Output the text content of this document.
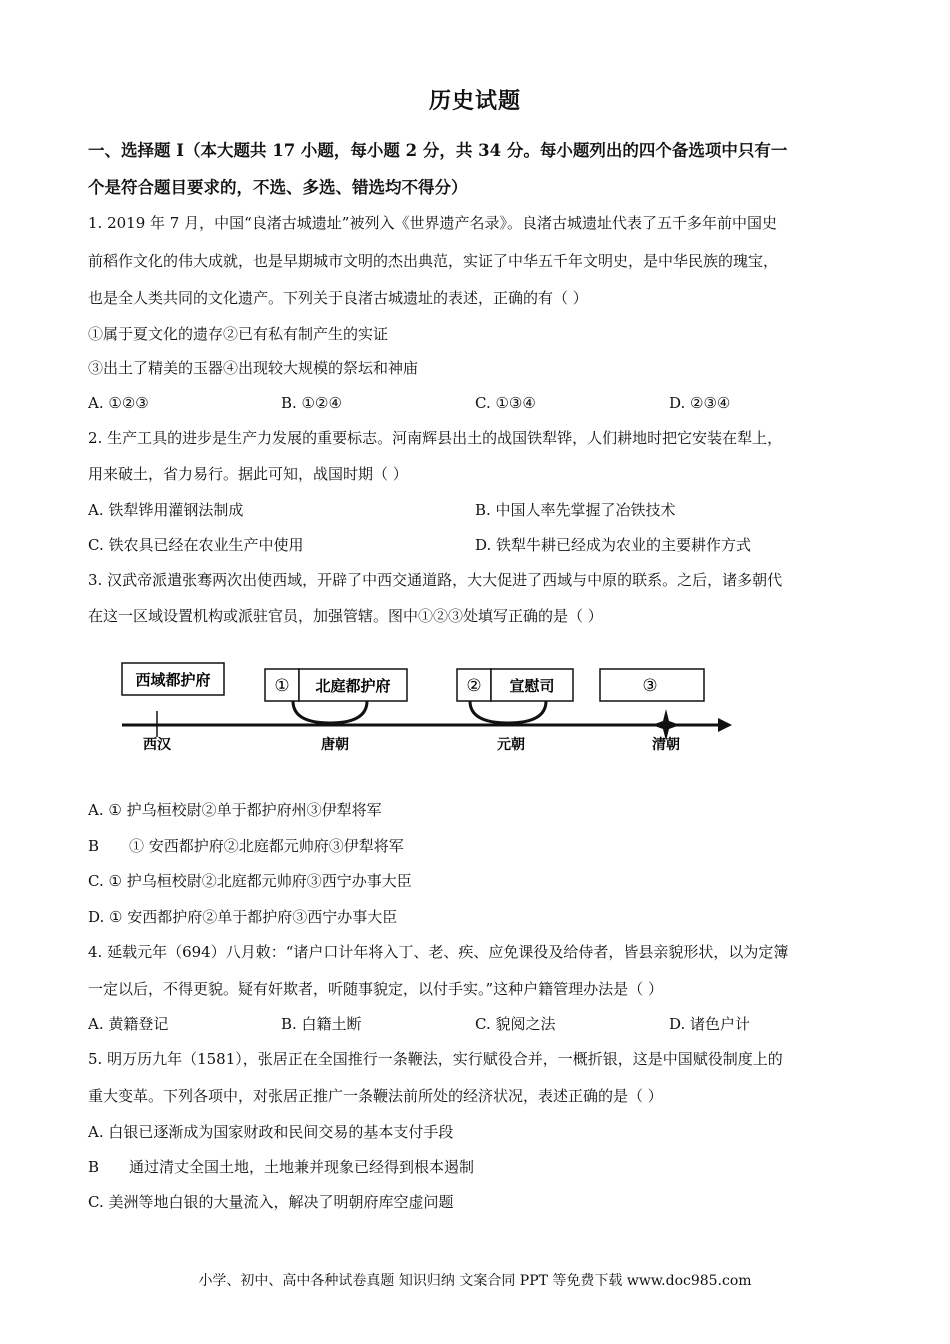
历史试题
一、选择题 I（本大题共 17 小题，每小题 2 分，共 34 分。每小题列出的四个备选项中只有一
个是符合题目要求的，不选、多选、错选均不得分）
1. 2019 年 7 月，中国“良渚古城遗址”被列入《世界遗产名录》。良渚古城遗址代表了五千多年前中国史
前稻作文化的伟大成就，也是早期城市文明的杰出典范，实证了中华五千年文明史，是中华民族的瑰宝，
也是全人类共同的文化遗产。下列关于良渚古城遗址的表述，正确的有（ ）
①属于夏文化的遗存②已有私有制产生的实证
③出土了精美的玉器④出现较大规模的祭坛和神庙
A. ①②③	B. ①②④	C. ①③④	D. ②③④
2. 生产工具的进步是生产力发展的重要标志。河南辉县出土的战国铁犁铧，人们耕地时把它安装在犁上，
用来破土，省力易行。据此可知，战国时期（ ）
A. 铁犁铧用灌钢法制成	B. 中国人率先掌握了冶铁技术
C. 铁农具已经在农业生产中使用	D. 铁犁牛耕已经成为农业的主要耕作方式
3. 汉武帝派遣张骞两次出使西域，开辟了中西交通道路，大大促进了西域与中原的联系。之后，诸多朝代
在这一区域设置机构或派驻官员，加强管辖。图中①②③处填写正确的是（ ）
西域都护府	① 北庭都护府	② 宣慰司	③
西汉	唐朝	元朝	清朝
A. ① 护乌桓校尉②单于都护府州③伊犁将军
B　　① 安西都护府②北庭都元帅府③伊犁将军
C. ① 护乌桓校尉②北庭都元帅府③西宁办事大臣
D. ① 安西都护府②单于都护府③西宁办事大臣
4. 延载元年（694）八月敕：“诸户口计年将入丁、老、疾、应免课役及给侍者，皆县亲貌形状，以为定簿
一定以后，不得更貌。疑有奸欺者，听随事貌定，以付手实。”这种户籍管理办法是（ ）
A. 黄籍登记	B. 白籍土断	C. 貌阅之法	D. 诸色户计
5. 明万历九年（1581），张居正在全国推行一条鞭法，实行赋役合并，一概折银，这是中国赋役制度上的
重大变革。下列各项中，对张居正推广一条鞭法前所处的经济状况，表述正确的是（ ）
A. 白银已逐渐成为国家财政和民间交易的基本支付手段
B　　通过清丈全国土地，土地兼并现象已经得到根本遏制
C. 美洲等地白银的大量流入，解决了明朝府库空虚问题
小学、初中、高中各种试卷真题 知识归纳 文案合同 PPT 等免费下载 www.doc985.com
